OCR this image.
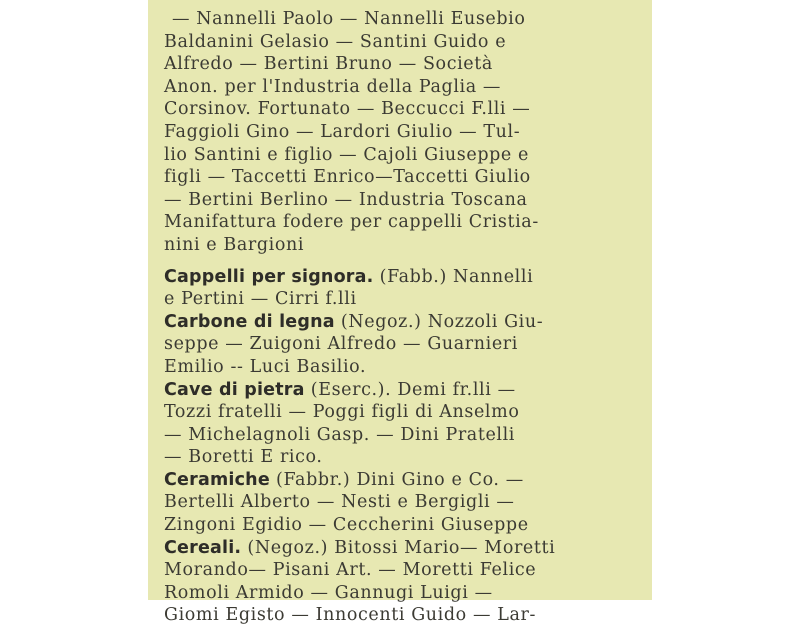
— Nannelli Paolo — Nannelli Eusebio
Baldanini Gelasio — Santini Guido e
Alfredo — Bertini Bruno — Società
Anon. per l'Industria della Paglia —
Corsinov. Fortunato — Beccucci F.lli —
Faggioli Gino — Lardori Giulio — Tul-
lio Santini e figlio — Cajoli Giuseppe e
figli — Taccetti Enrico—Taccetti Giulio
— Bertini Berlino — Industria Toscana
Manifattura fodere per cappelli Cristia-
nini e Bargioni
Cappelli per signora. (Fabb.) Nannelli
e Pertini — Cirri f.lli
Carbone di legna (Negoz.) Nozzoli Giu-
seppe — Zuigoni Alfredo — Guarnieri
Emilio -- Luci Basilio.
Cave di pietra (Eserc.). Demi fr.lli —
Tozzi fratelli — Poggi figli di Anselmo
— Michelagnoli Gasp. — Dini Pratelli
— Boretti E rico.
Ceramiche (Fabbr.) Dini Gino e Co. —
Bertelli Alberto — Nesti e Bergigli —
Zingoni Egidio — Ceccherini Giuseppe
Cereali. (Negoz.) Bitossi Mario— Moretti
Morando— Pisani Art. — Moretti Felice
Romoli Armido — Gannugi Luigi —
Giomi Egisto — Innocenti Guido — Lar-
